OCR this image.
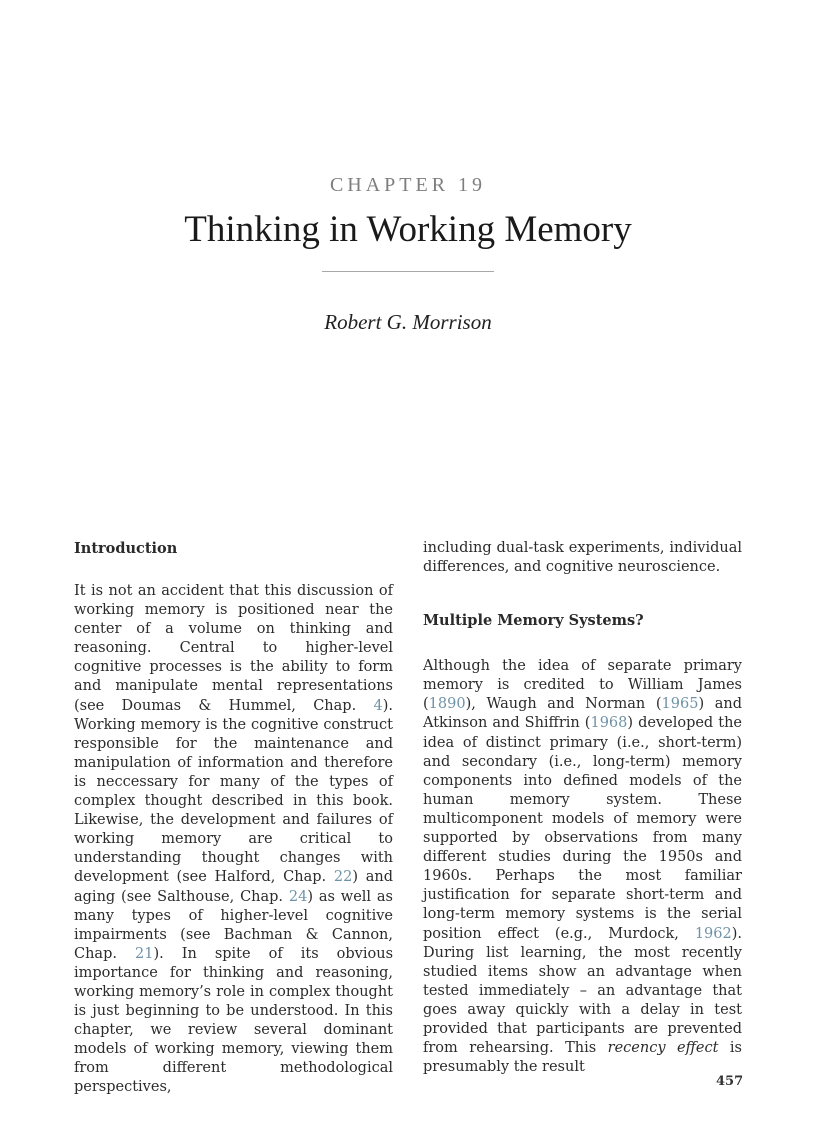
CHAPTER 19
Thinking in Working Memory
Robert G. Morrison
Introduction

It is not an accident that this discussion of working memory is positioned near the center of a volume on thinking and reasoning. Central to higher-level cognitive processes is the ability to form and manipulate mental representations (see Doumas & Hummel, Chap. 4). Working memory is the cognitive construct responsible for the maintenance and manipulation of information and therefore is neccessary for many of the types of complex thought described in this book. Likewise, the development and failures of working memory are critical to understanding thought changes with development (see Halford, Chap. 22) and aging (see Salthouse, Chap. 24) as well as many types of higher-level cognitive impairments (see Bachman & Cannon, Chap. 21). In spite of its obvious importance for thinking and reasoning, working memory’s role in complex thought is just beginning to be understood. In this chapter, we review several dominant models of working memory, viewing them from different methodological perspectives,

including dual-task experiments, individual differences, and cognitive neuroscience.

Multiple Memory Systems?

Although the idea of separate primary memory is credited to William James (1890), Waugh and Norman (1965) and Atkinson and Shiffrin (1968) developed the idea of distinct primary (i.e., short-term) and secondary (i.e., long-term) memory components into defined models of the human memory system. These multicomponent models of memory were supported by observations from many different studies during the 1950s and 1960s. Perhaps the most familiar justification for separate short-term and long-term memory systems is the serial position effect (e.g., Murdock, 1962). During list learning, the most recently studied items show an advantage when tested immediately – an advantage that goes away quickly with a delay in test provided that participants are prevented from rehearsing. This recency effect is presumably the result

457
